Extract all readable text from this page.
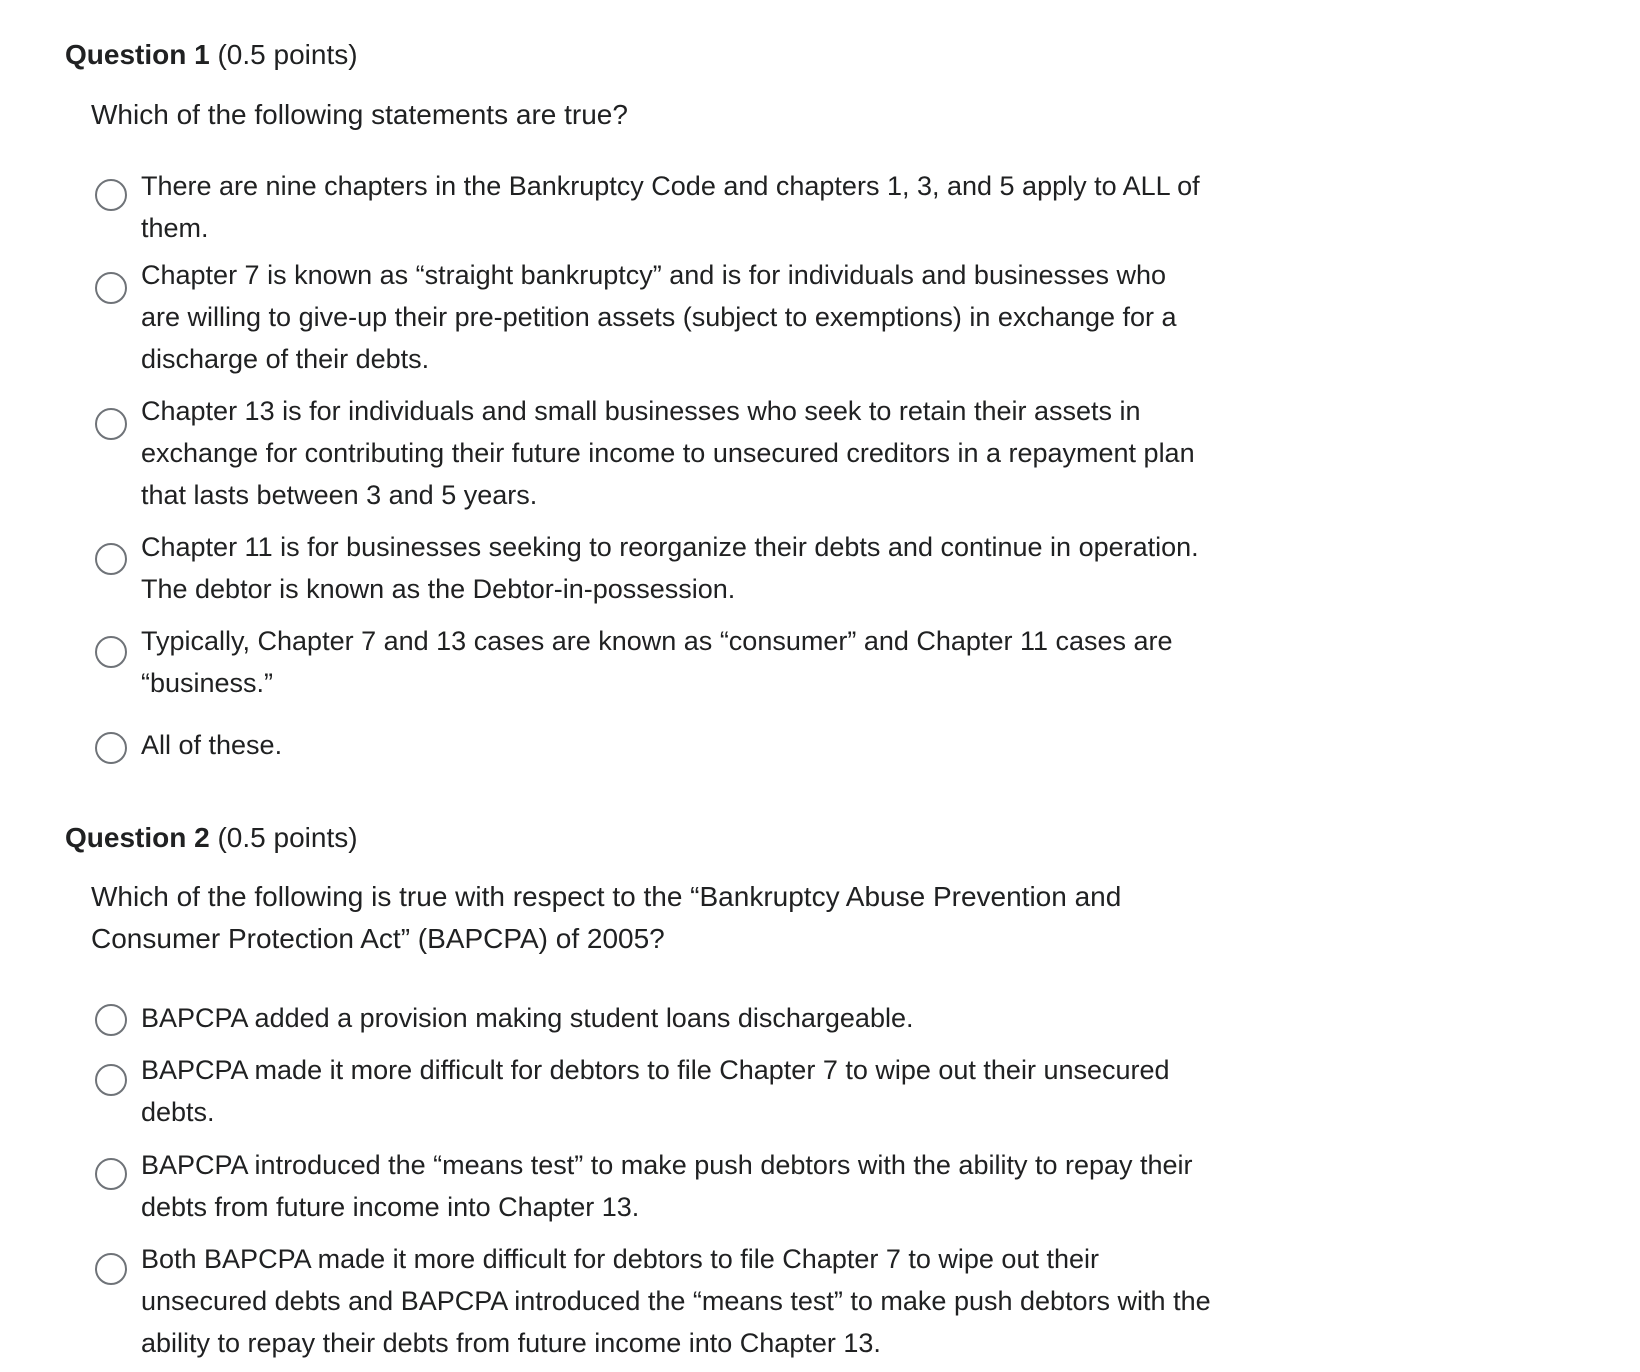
Question 1 (0.5 points)
Which of the following statements are true?
There are nine chapters in the Bankruptcy Code and chapters 1, 3, and 5 apply to ALL of them.
Chapter 7 is known as “straight bankruptcy” and is for individuals and businesses who are willing to give-up their pre-petition assets (subject to exemptions) in exchange for a discharge of their debts.
Chapter 13 is for individuals and small businesses who seek to retain their assets in exchange for contributing their future income to unsecured creditors in a repayment plan that lasts between 3 and 5 years.
Chapter 11 is for businesses seeking to reorganize their debts and continue in operation. The debtor is known as the Debtor-in-possession.
Typically, Chapter 7 and 13 cases are known as “consumer” and Chapter 11 cases are “business.”
All of these.
Question 2 (0.5 points)
Which of the following is true with respect to the “Bankruptcy Abuse Prevention and Consumer Protection Act” (BAPCPA) of 2005?
BAPCPA added a provision making student loans dischargeable.
BAPCPA made it more difficult for debtors to file Chapter 7 to wipe out their unsecured debts.
BAPCPA introduced the “means test” to make push debtors with the ability to repay their debts from future income into Chapter 13.
Both BAPCPA made it more difficult for debtors to file Chapter 7 to wipe out their unsecured debts and BAPCPA introduced the “means test” to make push debtors with the ability to repay their debts from future income into Chapter 13.
